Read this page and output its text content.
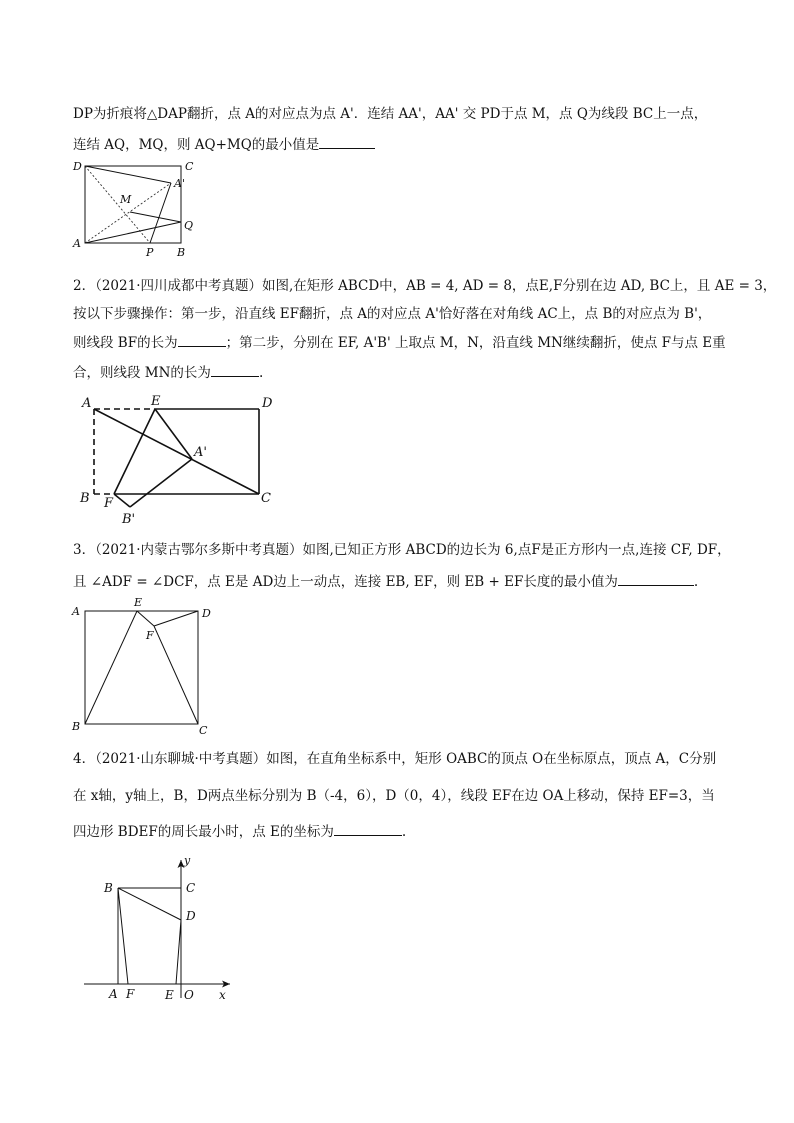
DP为折痕将△DAP翻折，点 A的对应点为点 A'．连结 AA'，AA' 交 PD于点 M，点 Q为线段 BC上一点，
连结 AQ，MQ，则 AQ+MQ的最小值是
D	C
A'
M
Q
A
P B
2．（2021·四川成都中考真题）如图,在矩形 ABCD中，AB = 4, AD = 8，点E,F分别在边 AD, BC上，且 AE = 3，
按以下步骤操作：第一步，沿直线 EF翻折，点 A的对应点 A'恰好落在对角线 AC上，点 B的对应点为 B'，
则线段 BF的长为	；第二步，分别在 EF, A'B' 上取点 M，N，沿直线 MN继续翻折，使点 F与点 E重
合，则线段 MN的长为	.
A	E	D
A'
B F	C
B'
3．（2021·内蒙古鄂尔多斯中考真题）如图,已知正方形 ABCD的边长为 6,点F是正方形内一点,连接 CF, DF，
且 ∠ADF = ∠DCF，点 E是 AD边上一动点，连接 EB, EF，则 EB + EF长度的最小值为	.
A
E
D
F
B	C
4．（2021·山东聊城·中考真题）如图，在直角坐标系中，矩形 OABC的顶点 O在坐标原点，顶点 A，C分别
在 x轴，y轴上，B，D两点坐标分别为 B（-4，6），D（0，4），线段 EF在边 OA上移动，保持 EF=3，当
四边形 BDEF的周长最小时，点 E的坐标为	.
y
B	C
D
A F	E O x
